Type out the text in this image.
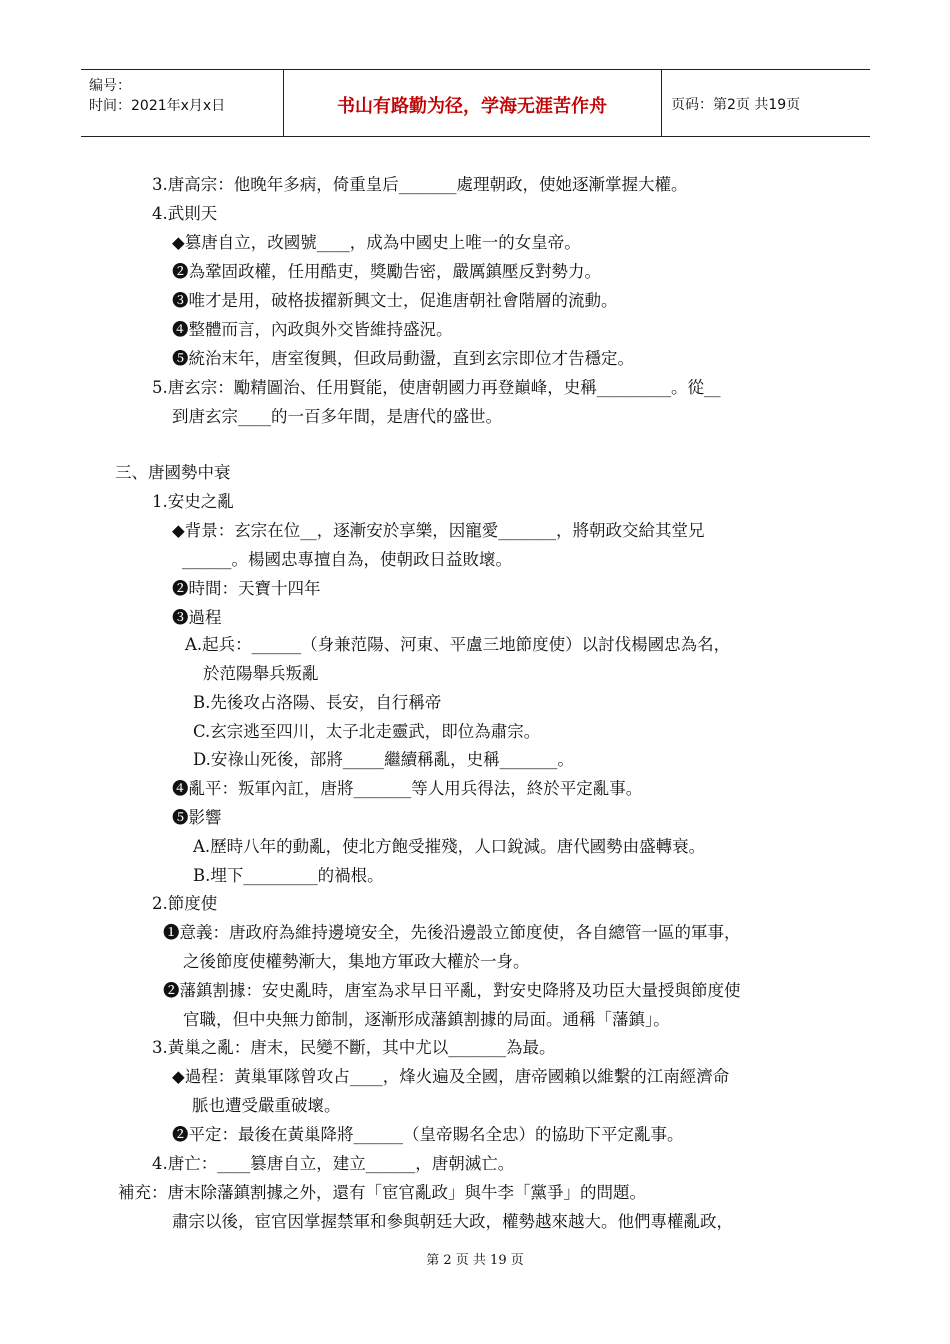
编号：
时间：2021年x月x日	书山有路勤为径，学海无涯苦作舟	页码：第2页 共19页
3.唐高宗：他晚年多病，倚重皇后_______處理朝政，使她逐漸掌握大權。
4.武則天
◆篡唐自立，改國號____，成為中國史上唯一的女皇帝。
❷為鞏固政權，任用酷吏，獎勵告密，嚴厲鎮壓反對勢力。
❸唯才是用，破格拔擢新興文士，促進唐朝社會階層的流動。
❹整體而言，內政與外交皆維持盛況。
❺統治末年，唐室復興，但政局動盪，直到玄宗即位才告穩定。
5.唐玄宗：勵精圖治、任用賢能，使唐朝國力再登巔峰，史稱_________。從__
到唐玄宗____的一百多年間，是唐代的盛世。
三、唐國勢中衰
1.安史之亂
◆背景：玄宗在位__，逐漸安於享樂，因寵愛_______，將朝政交給其堂兄
______。楊國忠專擅自為，使朝政日益敗壞。
❷時間：天寶十四年
❸過程
A.起兵：______（身兼范陽、河東、平盧三地節度使）以討伐楊國忠為名，
於范陽舉兵叛亂
B.先後攻占洛陽、長安，自行稱帝
C.玄宗逃至四川，太子北走靈武，即位為肅宗。
D.安祿山死後，部將_____繼續稱亂，史稱_______。
❹亂平：叛軍內訌，唐將_______等人用兵得法，終於平定亂事。
❺影響
A.歷時八年的動亂，使北方飽受摧殘，人口銳減。唐代國勢由盛轉衰。
B.埋下_________的禍根。
2.節度使
❶意義：唐政府為維持邊境安全，先後沿邊設立節度使，各自總管一區的軍事，
之後節度使權勢漸大，集地方軍政大權於一身。
❷藩鎮割據：安史亂時，唐室為求早日平亂，對安史降將及功臣大量授與節度使
官職，但中央無力節制，逐漸形成藩鎮割據的局面。通稱「藩鎮」。
3.黃巢之亂：唐末，民變不斷，其中尤以_______為最。
◆過程：黃巢軍隊曾攻占____，烽火遍及全國，唐帝國賴以維繫的江南經濟命
脈也遭受嚴重破壞。
❷平定：最後在黃巢降將______（皇帝賜名全忠）的協助下平定亂事。
4.唐亡：____篡唐自立，建立______，唐朝滅亡。
補充：唐末除藩鎮割據之外，還有「宦官亂政」與牛李「黨爭」的問題。
肅宗以後，宦官因掌握禁軍和參與朝廷大政，權勢越來越大。他們專權亂政，
第 2 页 共 19 页
